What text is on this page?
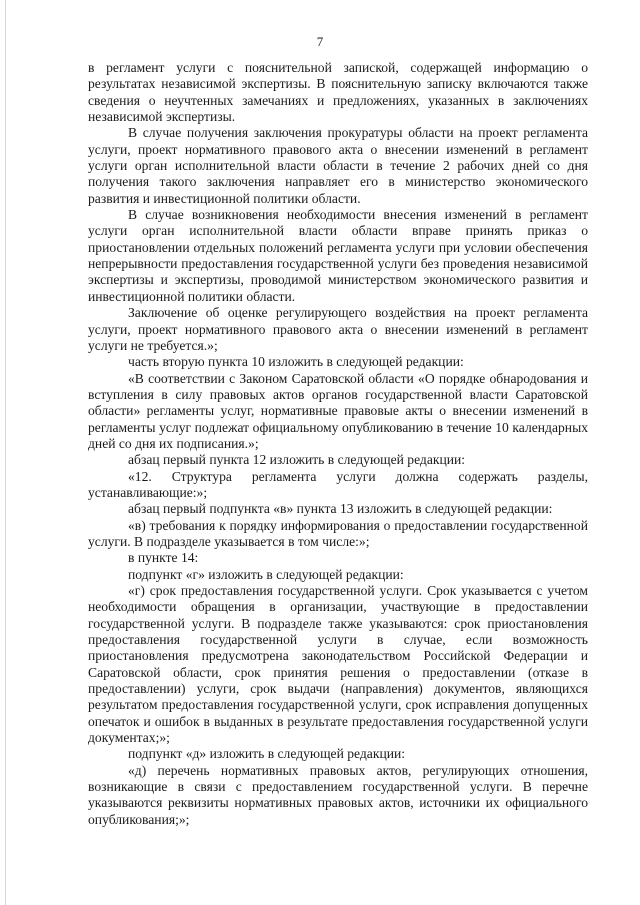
7

в регламент услуги с пояснительной запиской, содержащей информацию о результатах независимой экспертизы. В пояснительную записку включаются также сведения о неучтенных замечаниях и предложениях, указанных в заключениях независимой экспертизы.

В случае получения заключения прокуратуры области на проект регламента услуги, проект нормативного правового акта о внесении изменений в регламент услуги орган исполнительной власти области в течение 2 рабочих дней со дня получения такого заключения направляет его в министерство экономического развития и инвестиционной политики области.

В случае возникновения необходимости внесения изменений в регламент услуги орган исполнительной власти области вправе принять приказ о приостановлении отдельных положений регламента услуги при условии обеспечения непрерывности предоставления государственной услуги без проведения независимой экспертизы и экспертизы, проводимой министерством экономического развития и инвестиционной политики области.

Заключение об оценке регулирующего воздействия на проект регламента услуги, проект нормативного правового акта о внесении изменений в регламент услуги не требуется.»;

часть вторую пункта 10 изложить в следующей редакции:

«В соответствии с Законом Саратовской области «О порядке обнародования и вступления в силу правовых актов органов государственной власти Саратовской области» регламенты услуг, нормативные правовые акты о внесении изменений в регламенты услуг подлежат официальному опубликованию в течение 10 календарных дней со дня их подписания.»;

абзац первый пункта 12 изложить в следующей редакции:

«12. Структура регламента услуги должна содержать разделы, устанавливающие:»;

абзац первый подпункта «в» пункта 13 изложить в следующей редакции:

«в) требования к порядку информирования о предоставлении государственной услуги. В подразделе указывается в том числе:»;

в пункте 14:

подпункт «г» изложить в следующей редакции:

«г) срок предоставления государственной услуги. Срок указывается с учетом необходимости обращения в организации, участвующие в предоставлении государственной услуги. В подразделе также указываются: срок приостановления предоставления государственной услуги в случае, если возможность приостановления предусмотрена законодательством Российской Федерации и Саратовской области, срок принятия решения о предоставлении (отказе в предоставлении) услуги, срок выдачи (направления) документов, являющихся результатом предоставления государственной услуги, срок исправления допущенных опечаток и ошибок в выданных в результате предоставления государственной услуги документах;»;

подпункт «д» изложить в следующей редакции:

«д) перечень нормативных правовых актов, регулирующих отношения, возникающие в связи с предоставлением государственной услуги. В перечне указываются реквизиты нормативных правовых актов, источники их официального опубликования;»;
